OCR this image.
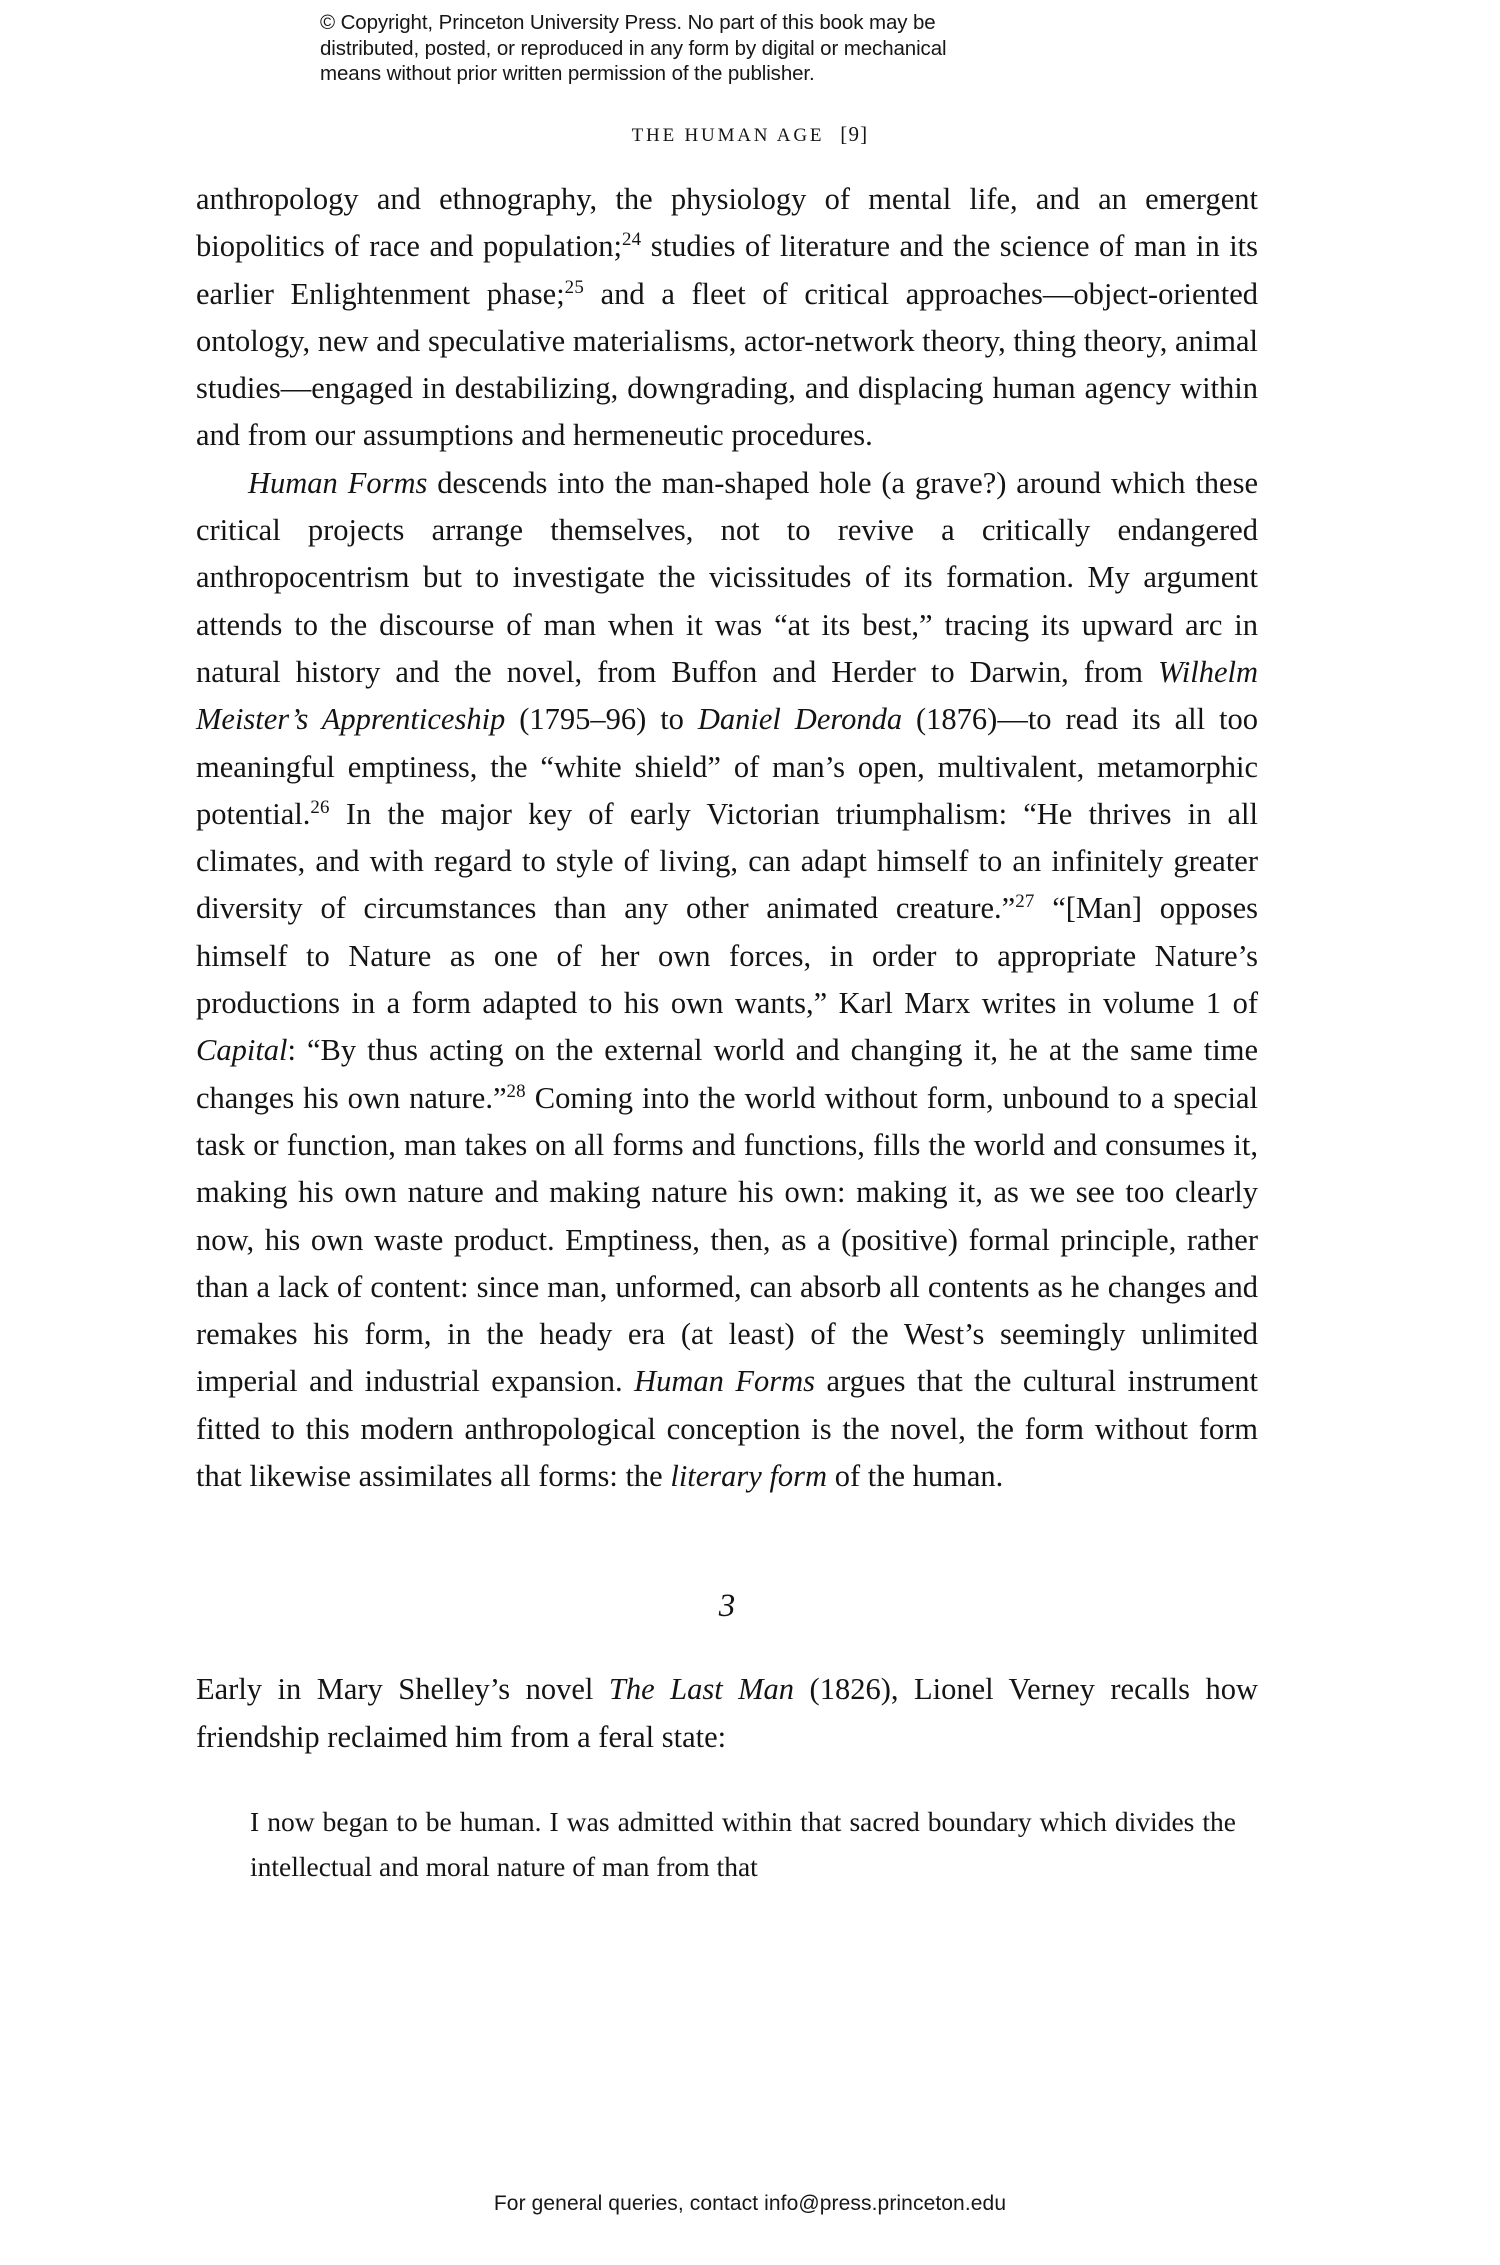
© Copyright, Princeton University Press. No part of this book may be distributed, posted, or reproduced in any form by digital or mechanical means without prior written permission of the publisher.
THE HUMAN AGE [9]

anthropology and ethnography, the physiology of mental life, and an emergent biopolitics of race and population;$^{24}$ studies of literature and the science of man in its earlier Enlightenment phase;$^{25}$ and a fleet of critical approaches—object-oriented ontology, new and speculative materialisms, actor-network theory, thing theory, animal studies—engaged in destabilizing, downgrading, and displacing human agency within and from our assumptions and hermeneutic procedures.

Human Forms descends into the man-shaped hole (a grave?) around which these critical projects arrange themselves, not to revive a critically endangered anthropocentrism but to investigate the vicissitudes of its formation. My argument attends to the discourse of man when it was “at its best,” tracing its upward arc in natural history and the novel, from Buffon and Herder to Darwin, from Wilhelm Meister’s Apprenticeship (1795–96) to Daniel Deronda (1876)—to read its all too meaningful emptiness, the “white shield” of man’s open, multivalent, metamorphic potential.$^{26}$ In the major key of early Victorian triumphalism: “He thrives in all climates, and with regard to style of living, can adapt himself to an infinitely greater diversity of circumstances than any other animated creature.”$^{27}$ “[Man] opposes himself to Nature as one of her own forces, in order to appropriate Nature’s productions in a form adapted to his own wants,” Karl Marx writes in volume 1 of Capital: “By thus acting on the external world and changing it, he at the same time changes his own nature.”$^{28}$ Coming into the world without form, unbound to a special task or function, man takes on all forms and functions, fills the world and consumes it, making his own nature and making nature his own: making it, as we see too clearly now, his own waste product. Emptiness, then, as a (positive) formal principle, rather than a lack of content: since man, unformed, can absorb all contents as he changes and remakes his form, in the heady era (at least) of the West’s seemingly unlimited imperial and industrial expansion. Human Forms argues that the cultural instrument fitted to this modern anthropological conception is the novel, the form without form that likewise assimilates all forms: the literary form of the human.

3

Early in Mary Shelley’s novel The Last Man (1826), Lionel Verney recalls how friendship reclaimed him from a feral state:

I now began to be human. I was admitted within that sacred boundary which divides the intellectual and moral nature of man from that
For general queries, contact info@press.princeton.edu
